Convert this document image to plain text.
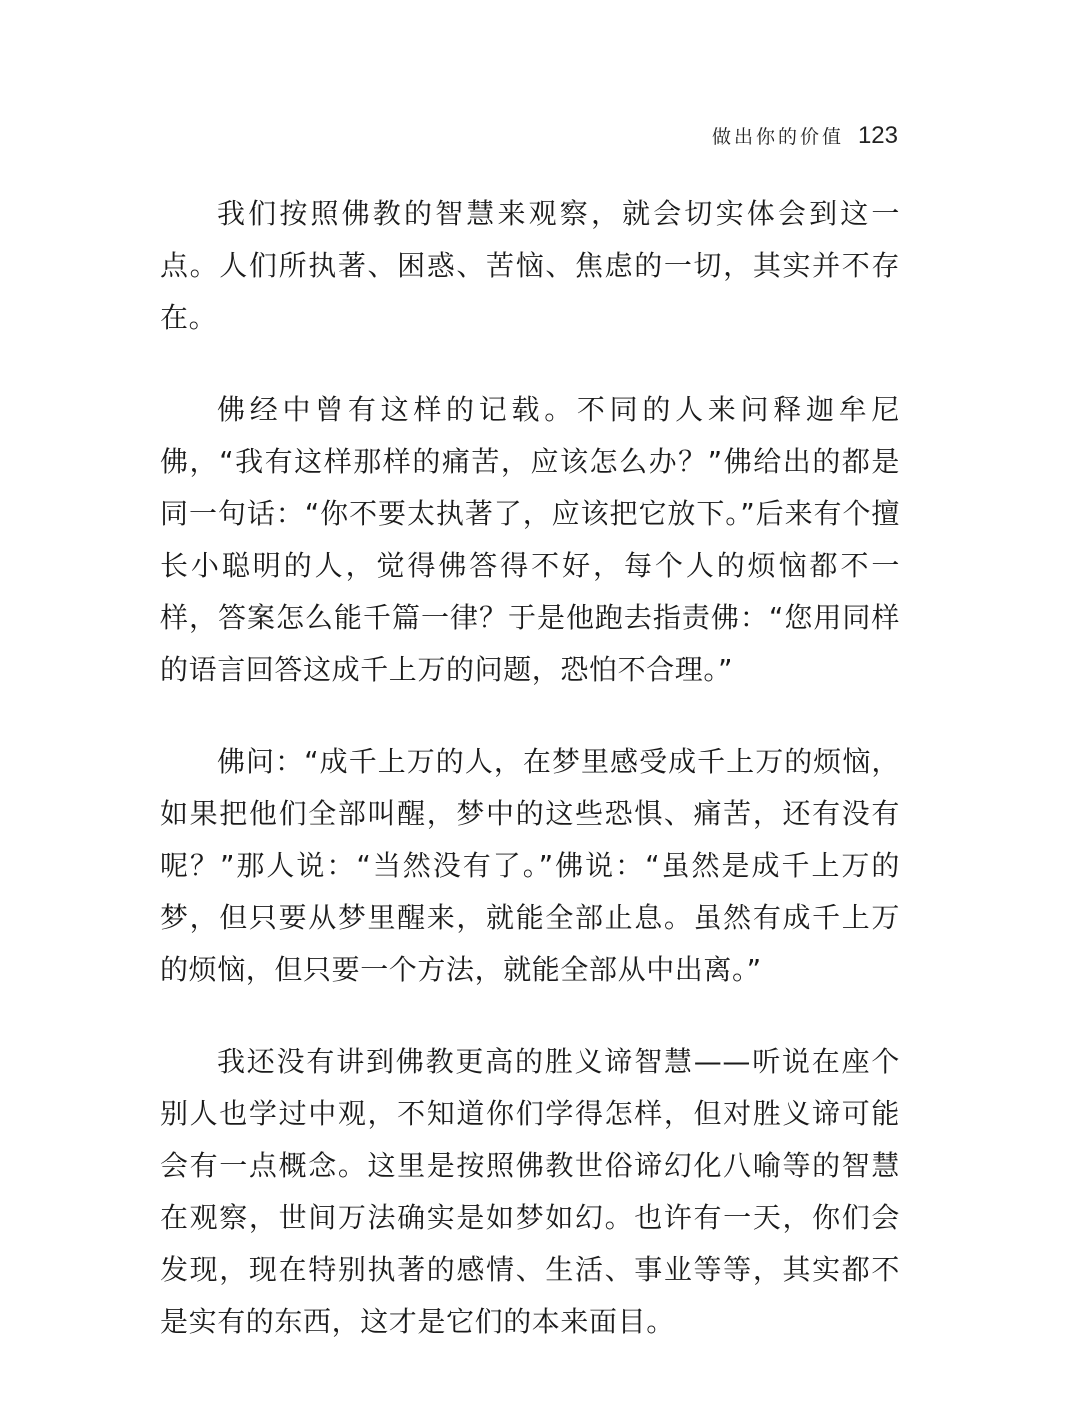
做出你的价值 123

我们按照佛教的智慧来观察，就会切实体会到这一点。人们所执著、困惑、苦恼、焦虑的一切，其实并不存在。

佛经中曾有这样的记载。不同的人来问释迦牟尼佛，“我有这样那样的痛苦，应该怎么办？”佛给出的都是同一句话：“你不要太执著了，应该把它放下。”后来有个擅长小聪明的人，觉得佛答得不好，每个人的烦恼都不一样，答案怎么能千篇一律？于是他跑去指责佛：“您用同样的语言回答这成千上万的问题，恐怕不合理。”

佛问：“成千上万的人，在梦里感受成千上万的烦恼，如果把他们全部叫醒，梦中的这些恐惧、痛苦，还有没有呢？”那人说：“当然没有了。”佛说：“虽然是成千上万的梦，但只要从梦里醒来，就能全部止息。虽然有成千上万的烦恼，但只要一个方法，就能全部从中出离。”

我还没有讲到佛教更高的胜义谛智慧——听说在座个别人也学过中观，不知道你们学得怎样，但对胜义谛可能会有一点概念。这里是按照佛教世俗谛幻化八喻等的智慧在观察，世间万法确实是如梦如幻。也许有一天，你们会发现，现在特别执著的感情、生活、事业等等，其实都不是实有的东西，这才是它们的本来面目。
